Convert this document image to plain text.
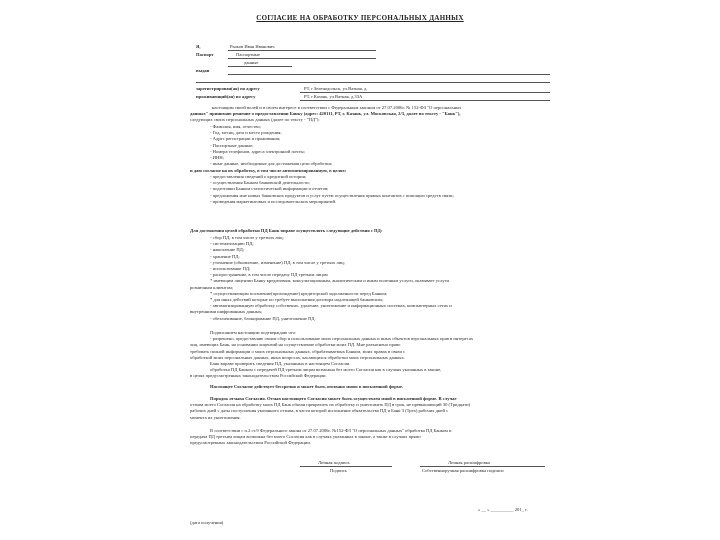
СОГЛАСИЕ НА ОБРАБОТКУ ПЕРСОНАЛЬНЫХ ДАННЫХ
Я,	Рыжов Иван Иванович
Паспорт	Паспортные
данные
выдан
зарегистрирован(ая) по адресу	РТ, г.Зеленодольск, ул.Ватная, д.
проживающий(ая) по адресу	РТ, г.Казань, ул.Ватная, д.33А
настоящим своей волей и в своем интересе в соответствии с Федеральным законом от 27.07.2006г. № 152-ФЗ "О персональных
данных" принимаю решение о предоставлении Банку (адрес: 420111, РТ, г. Казань, ул. Московская, 2/3, далее по тексту - "Банк"),
следующих своих персональных данных (далее по тексту - "ПД"):
- Фамилия, имя, отчество;
- Год, месяц, дата и место рождения;
- Адрес регистрации и проживания;
- Паспортные данные;
- Номера телефонов, адреса электронной почты;
- ИНН;
- иные данные, необходимые для достижения цели обработки;
и даю согласие на их обработку, в том числе автоматизированную, в целях:
- предоставления сведений о кредитной истории;
- осуществления Банком банковской деятельности;
- подготовки Банком статистической информации и отчетов;
- предложения мне новых банковских продуктов и услуг путем осуществления прямых контактов с помощью средств связи;
- проведения маркетинговых и исследовательских мероприятий.
Для достижения целей обработки ПД Банк вправе осуществлять следующие действия с ПД:
- сбор ПД, в том числе у третьих лиц;
- систематизацию ПД;
- накопление ПД;
- хранение ПД;
- уточнение (обновление, изменение) ПД, в том числе у третьих лиц;
- использование ПД;
- распространение, в том числе передачу ПД третьим лицам
* имеющим лицензии Банку кредитовым, консультационным, аналитическим и иным полезным услуги, оказывает услуги
розничным клиентам;
* осуществляющим погашение(прохождение) кредиторской задолженности перед Банком;
* для иных действий которые по требует выполнения договора надлежащей банковских;
- автоматизированную обработку собственно, удаление, уничтожение и информационных системах, компьютерных сетях и
внутренними шифрованных данных;
- обезличивание, блокирование ПД, уничтожение ПД.
Подписанием настоящим подтверждаю что:
- разрешено, предоставляю своим сбор и использование моих персональных данных и иных объектов персональных прав в интересах
лиц, имеющих Банк, на основании лицензий на осуществление обработки моих ПД. Мне разъяснено право
требовать полной информации о моих персональных данных, обрабатываемых Банком, моих правах в связи с
обработкой моих персональных данных, иных вопросах, касающихся обработки моих персональных данных.
Банк вправе проверить сведения ПД, указанных в настоящем Согласии.
обработка ПД Банком с передачей ПД третьим лицам возможна без моего Согласия как в случаях указанных в законе,
в целях предусмотренных законодательством Российской Федерации.
Настоящее Согласие действует бессрочно и может быть отозвано мною в письменной форме.
Порядок отзыва Согласия. Отзыв настоящего Согласия может быть осуществлен мной в письменной форме. В случае
отзыва моего Согласия на обработку моих ПД Банк обязан прекратить их обработку и уничтожить ПД в срок, не превышающий 30 (Тридцати)
рабочих дней с даты поступления указанного отзыва, в части которой исполнение обязательства ПД и Банк 3 (Трех) рабочих дней с
момента их уничтожения.
В соответствии с п.2 ст.9 Федерального закона от 27.07.2006г. №152-ФЗ "О персональных данных" обработка ПД Банком и
передача ПД третьим лицам возможна без моего Согласия как в случаях указанных в законе, а также в случаях прямо
предусмотренных законодательством Российской Федерации.
Личная подпись
Подпись
Личная расшифровка
Собственноручная расшифровка подписи
« __ » __________ 201_ г.
(дата получения)
